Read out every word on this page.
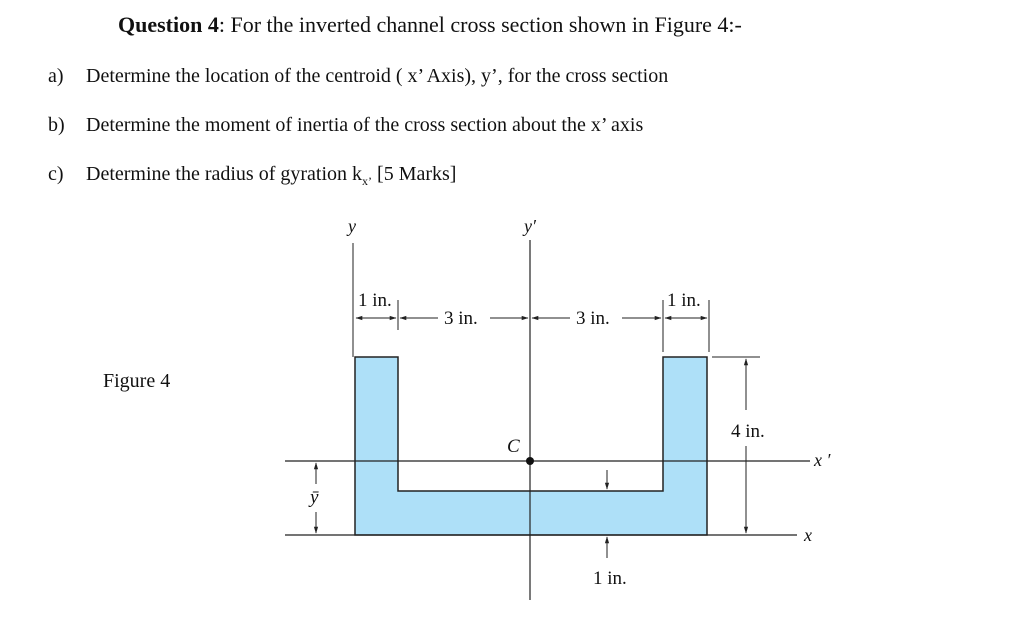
Question 4: For the inverted channel cross section shown in Figure 4:-
a) Determine the location of the centroid ( x’ Axis), y’, for the cross section
b) Determine the moment of inertia of the cross section about the x’ axis
c) Determine the radius of gyration $k_{x’}$ [5 Marks]
Figure 4
y	y′
1 in.
3 in.	3 in.
1 in.
4 in.
C
x ′
x
ȳ
1 in.
